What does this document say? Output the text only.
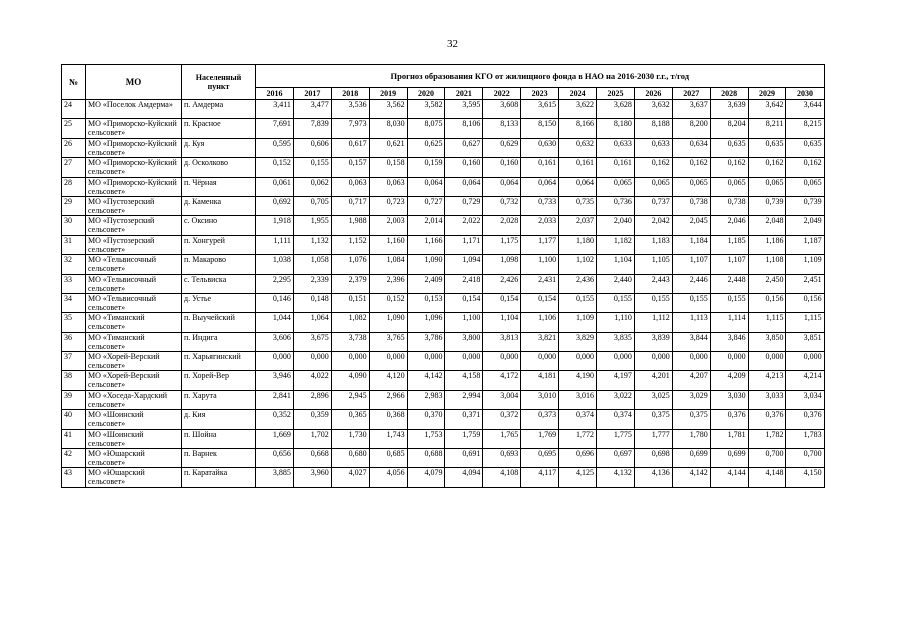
32
№	МО	Населенный пункт	Прогноз образования КГО от жилищного фонда в НАО на 2016-2030 г.г., т/год														
			2016	2017	2018	2019	2020	2021	2022	2023	2024	2025	2026	2027	2028	2029	2030
24	МО «Поселок Амдерма»	п. Амдерма	3,411	3,477	3,536	3,562	3,582	3,595	3,608	3,615	3,622	3,628	3,632	3,637	3,639	3,642	3,644
25	МО «Приморско-Куйский сельсовет»	п. Красное	7,691	7,839	7,973	8,030	8,075	8,106	8,133	8,150	8,166	8,180	8,188	8,200	8,204	8,211	8,215
26	МО «Приморско-Куйский сельсовет»	д. Куя	0,595	0,606	0,617	0,621	0,625	0,627	0,629	0,630	0,632	0,633	0,633	0,634	0,635	0,635	0,635
27	МО «Приморско-Куйский сельсовет»	д. Осколково	0,152	0,155	0,157	0,158	0,159	0,160	0,160	0,161	0,161	0,161	0,162	0,162	0,162	0,162	0,162
28	МО «Приморско-Куйский сельсовет»	п. Чёрная	0,061	0,062	0,063	0,063	0,064	0,064	0,064	0,064	0,064	0,065	0,065	0,065	0,065	0,065	0,065
29	МО «Пустозерский сельсовет»	д. Каменка	0,692	0,705	0,717	0,723	0,727	0,729	0,732	0,733	0,735	0,736	0,737	0,738	0,738	0,739	0,739
30	МО «Пустозерский сельсовет»	с. Оксино	1,918	1,955	1,988	2,003	2,014	2,022	2,028	2,033	2,037	2,040	2,042	2,045	2,046	2,048	2,049
31	МО «Пустозерский сельсовет»	п. Хонгурей	1,111	1,132	1,152	1,160	1,166	1,171	1,175	1,177	1,180	1,182	1,183	1,184	1,185	1,186	1,187
32	МО «Тельвисочный сельсовет»	п. Макарово	1,038	1,058	1,076	1,084	1,090	1,094	1,098	1,100	1,102	1,104	1,105	1,107	1,107	1,108	1,109
33	МО «Тельвисочный сельсовет»	с. Тельвиска	2,295	2,339	2,379	2,396	2,409	2,418	2,426	2,431	2,436	2,440	2,443	2,446	2,448	2,450	2,451
34	МО «Тельвисочный сельсовет»	д. Устье	0,146	0,148	0,151	0,152	0,153	0,154	0,154	0,154	0,155	0,155	0,155	0,155	0,155	0,156	0,156
35	МО «Тиманский сельсовет»	п. Выучейский	1,044	1,064	1,082	1,090	1,096	1,100	1,104	1,106	1,109	1,110	1,112	1,113	1,114	1,115	1,115
36	МО «Тиманский сельсовет»	п. Индига	3,606	3,675	3,738	3,765	3,786	3,800	3,813	3,821	3,829	3,835	3,839	3,844	3,846	3,850	3,851
37	МО «Хорей-Верский сельсовет»	п. Харьягинский	0,000	0,000	0,000	0,000	0,000	0,000	0,000	0,000	0,000	0,000	0,000	0,000	0,000	0,000	0,000
38	МО «Хорей-Верский сельсовет»	п. Хорей-Вер	3,946	4,022	4,090	4,120	4,142	4,158	4,172	4,181	4,190	4,197	4,201	4,207	4,209	4,213	4,214
39	МО «Хоседа-Хардский сельсовет»	п. Харута	2,841	2,896	2,945	2,966	2,983	2,994	3,004	3,010	3,016	3,022	3,025	3,029	3,030	3,033	3,034
40	МО «Шоинский сельсовет»	д. Кия	0,352	0,359	0,365	0,368	0,370	0,371	0,372	0,373	0,374	0,374	0,375	0,375	0,376	0,376	0,376
41	МО «Шоинский сельсовет»	п. Шойна	1,669	1,702	1,730	1,743	1,753	1,759	1,765	1,769	1,772	1,775	1,777	1,780	1,781	1,782	1,783
42	МО «Юшарский сельсовет»	п. Варнек	0,656	0,668	0,680	0,685	0,688	0,691	0,693	0,695	0,696	0,697	0,698	0,699	0,699	0,700	0,700
43	МО «Юшарский сельсовет»	п. Каратайка	3,885	3,960	4,027	4,056	4,079	4,094	4,108	4,117	4,125	4,132	4,136	4,142	4,144	4,148	4,150
